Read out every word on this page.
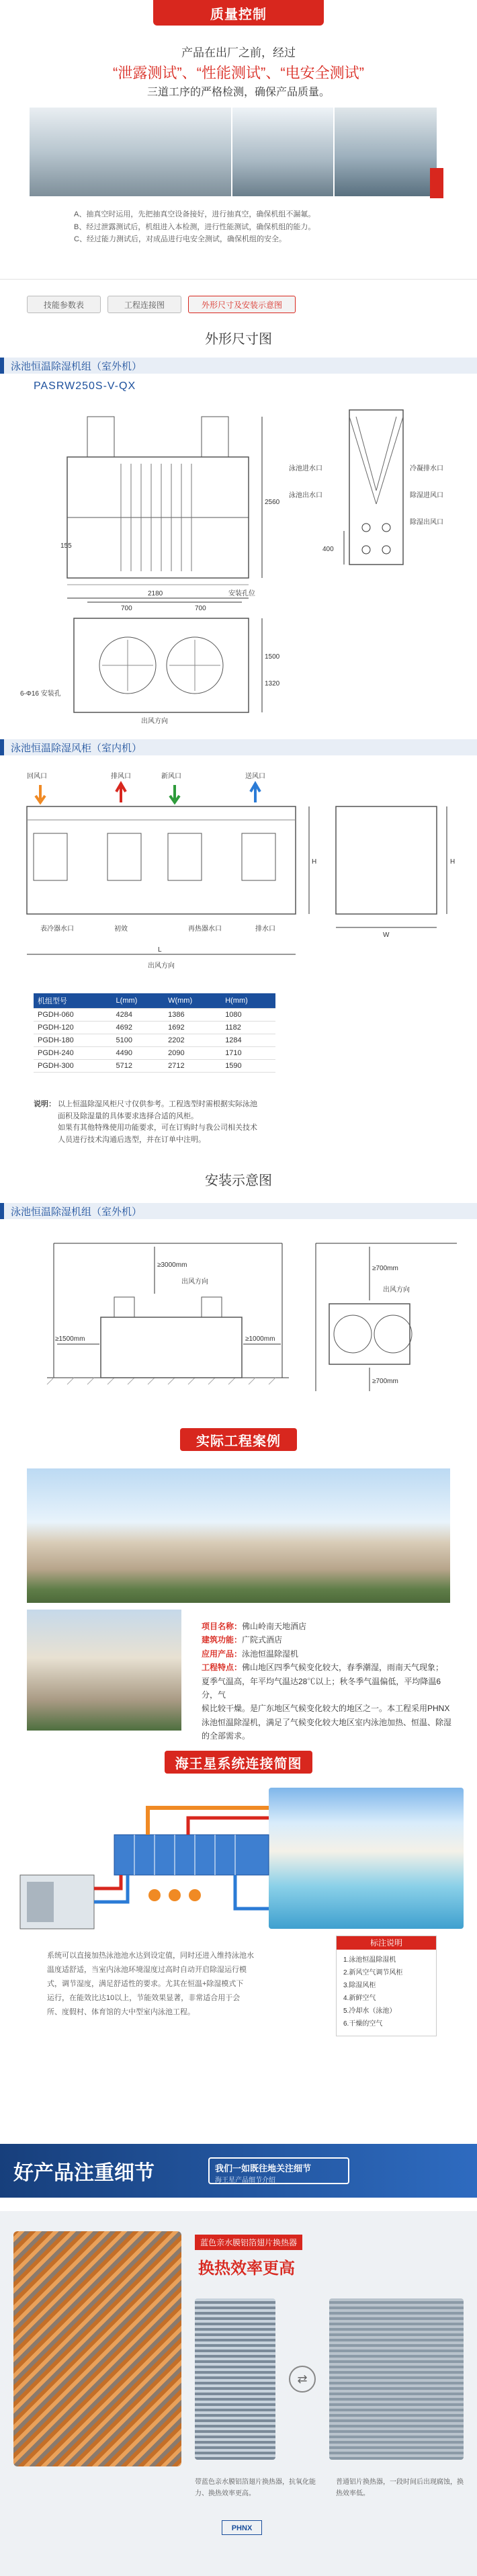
质量控制
产品在出厂之前，经过
“泄露测试”、“性能测试”、“电安全测试”
三道工序的严格检测，确保产品质量。
A、抽真空时运用，先把抽真空设备接好，进行抽真空，确保机组不漏氟。
B、经过泄露测试后，机组进入本检测，进行性能测试，确保机组的能力。
C、经过能力测试后，对成品进行电安全测试，确保机组的安全。
技能参数表	工程连接图	外形尺寸及安装示意图
外形尺寸图
泳池恒温除湿机组（室外机）
PASRW250S-V-QX
2560
2180
155
安装孔位
泳池进水口
泳池出水口
冷凝排水口
除湿进风口
除湿出风口
400
700	700
1500
1320
6-Φ16 安装孔
出风方向
泳池恒温除湿风柜（室内机）
回风口	排风口	新风口	送风口
L
H
表冷器水口	初效	再热器水口	排水口
出风方向
W
H
机组型号	L(mm)	W(mm)	H(mm)
PGDH-060	4284	1386	1080
PGDH-120	4692	1692	1182
PGDH-180	5100	2202	1284
PGDH-240	4490	2090	1710
PGDH-300	5712	2712	1590
说明： 以上恒温除湿风柜尺寸仅供参考。工程选型时需根据实际泳池
面积及除湿量的具体要求选择合适的风柜。
如果有其他特殊使用功能要求，可在订购时与我公司相关技术
人员进行技术沟通后选型，并在订单中注明。
安装示意图
泳池恒温除湿机组（室外机）
≥3000mm
出风方向
≥1500mm	≥1000mm
≥700mm
出风方向
≥700mm
实际工程案例
项目名称：佛山岭南天地酒店
建筑功能：广院式酒店
应用产品：泳池恒温除湿机
工程特点：佛山地区四季气候变化较大，春季潮湿，雨南天气现象；
夏季气温高，年平均气温达28℃以上；秋冬季气温偏低，平均降温6分，气
候比较干燥。是广东地区气候变化较大的地区之一。本工程采用PHNX
泳池恒温除湿机，满足了气候变化较大地区室内泳池加热、恒温、除湿
的全部需求。
海王星系统连接简图
系统可以直接加热泳池池水达到设定值，同时还进入维持泳池水
温度适舒适，当室内泳池环境湿度过高时自动开启除湿运行模
式，调节湿度，满足舒适性的要求。尤其在恒温+除湿模式下
运行，在能效比达10以上，节能效果显著，非常适合用于会
所、度假村、体育馆的大中型室内泳池工程。
标注说明
1.泳池恒温除湿机
2.新风空气调节风柜
3.除湿风柜
4.新鲜空气
5.冷却水（泳池）
6.干燥的空气
好产品注重细节	我们一如既往地关注细节
海王星产品细节介绍
蓝色亲水膜铝箔翅片换热器
换热效率更高
⇄
带蓝色亲水膜铝箔翅片换热器，抗氧化能力、换热效率更高。
普通铝片换热器，一段时间后出现腐蚀，换热效率低。
PHNX
